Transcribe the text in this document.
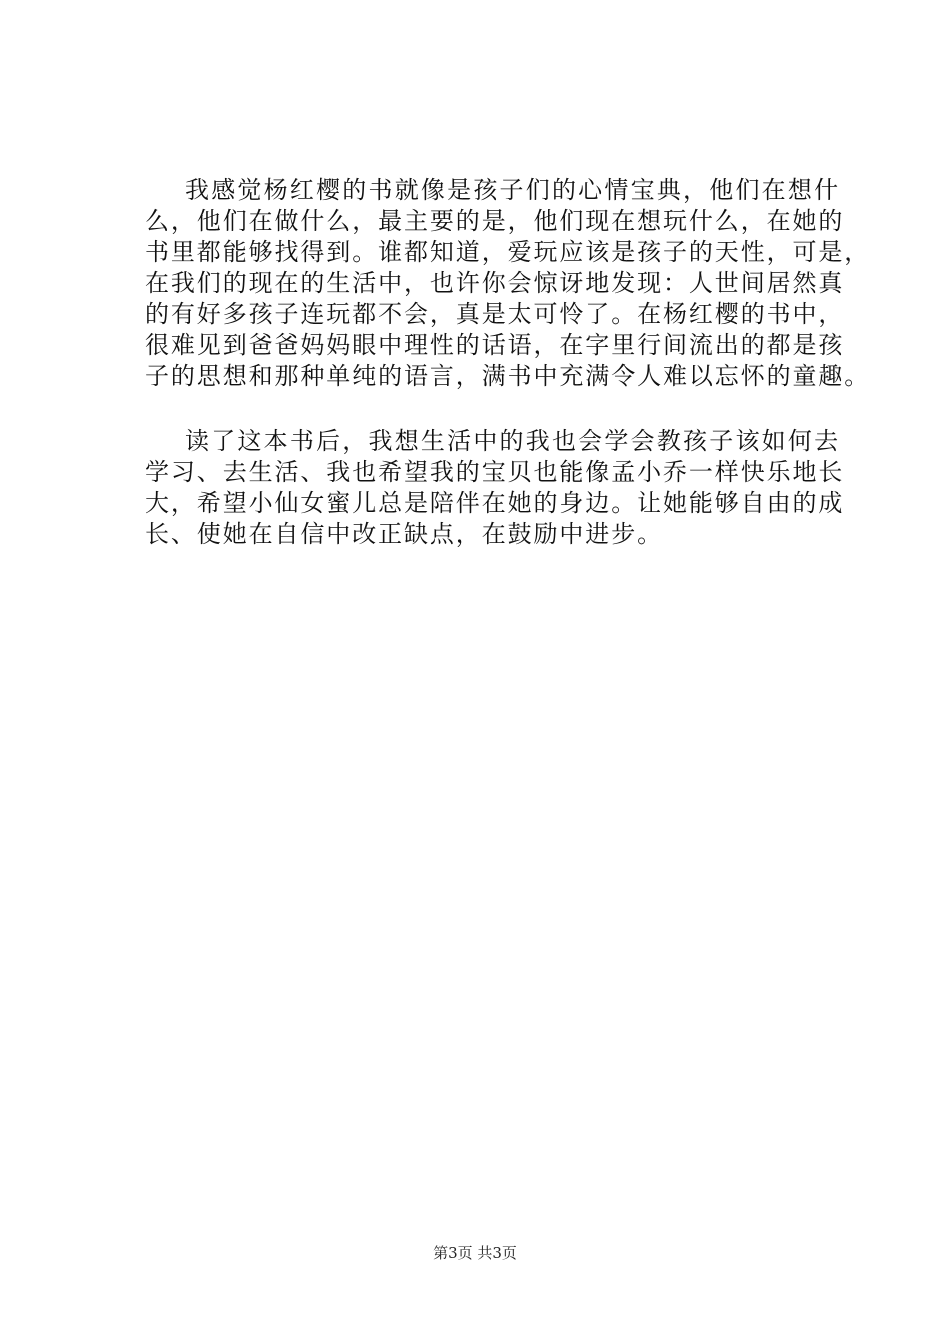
我感觉杨红樱的书就像是孩子们的心情宝典，他们在想什
么，他们在做什么，最主要的是，他们现在想玩什么，在她的
书里都能够找得到。谁都知道，爱玩应该是孩子的天性，可是，
在我们的现在的生活中，也许你会惊讶地发现：人世间居然真
的有好多孩子连玩都不会，真是太可怜了。在杨红樱的书中，
很难见到爸爸妈妈眼中理性的话语，在字里行间流出的都是孩
子的思想和那种单纯的语言，满书中充满令人难以忘怀的童趣。
读了这本书后，我想生活中的我也会学会教孩子该如何去
学习、去生活、我也希望我的宝贝也能像孟小乔一样快乐地长
大，希望小仙女蜜儿总是陪伴在她的身边。让她能够自由的成
长、使她在自信中改正缺点，在鼓励中进步。
第3页 共3页
